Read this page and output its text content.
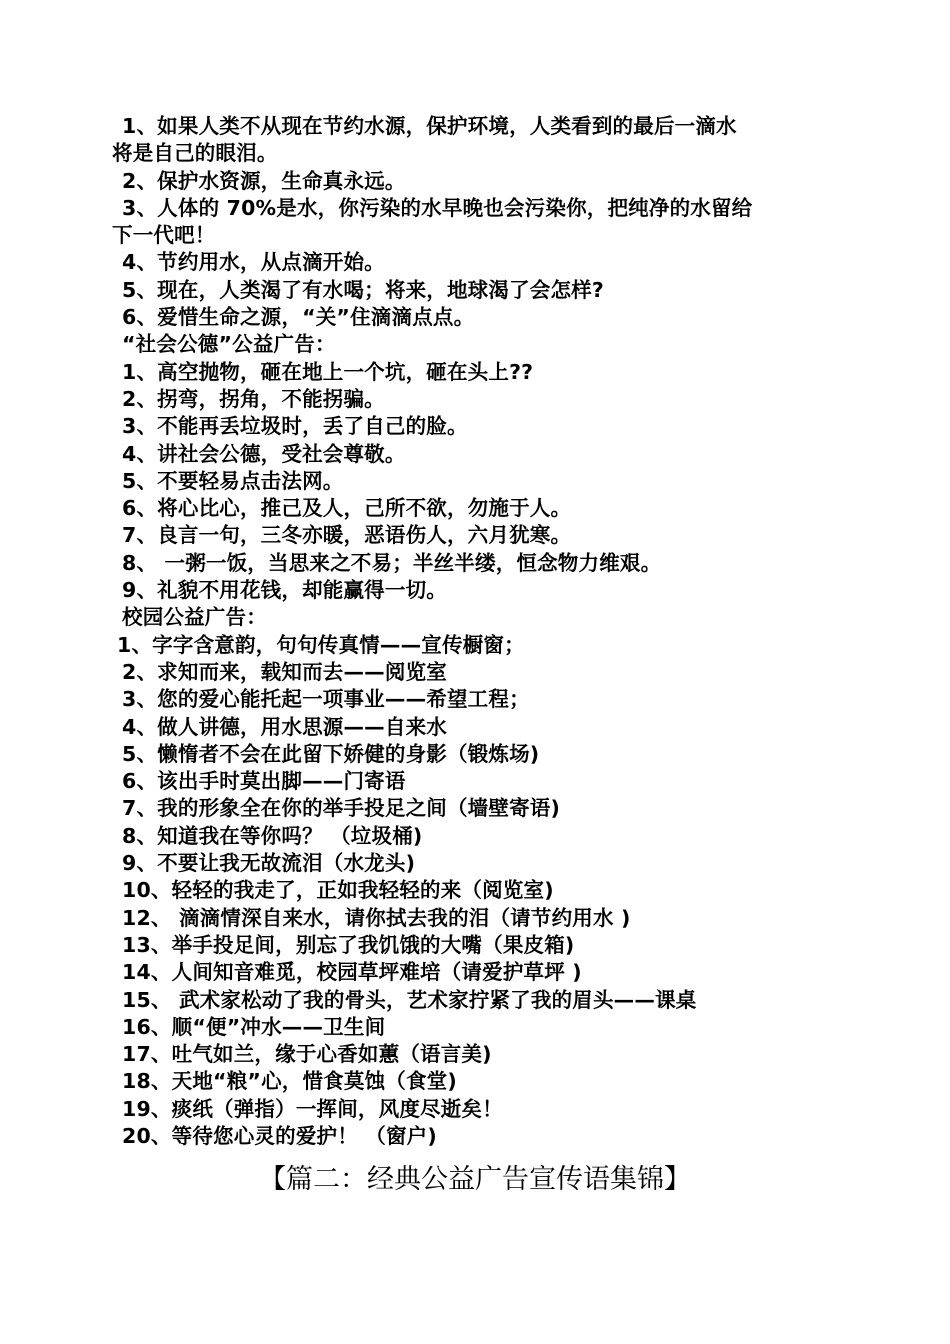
1、如果人类不从现在节约水源，保护环境，人类看到的最后一滴水
将是自己的眼泪。
2、保护水资源，生命真永远。
3、人体的 70%是水，你污染的水早晚也会污染你，把纯净的水留给
下一代吧！
4、节约用水，从点滴开始。
5、现在，人类渴了有水喝；将来，地球渴了会怎样?
6、爱惜生命之源，“关”住滴滴点点。
“社会公德”公益广告：
1、高空抛物，砸在地上一个坑，砸在头上??
2、拐弯，拐角，不能拐骗。
3、不能再丢垃圾时，丢了自己的脸。
4、讲社会公德，受社会尊敬。
5、不要轻易点击法网。
6、将心比心，推己及人，己所不欲，勿施于人。
7、良言一句，三冬亦暖，恶语伤人，六月犹寒。
8、 一粥一饭，当思来之不易；半丝半缕，恒念物力维艰。
9、礼貌不用花钱，却能赢得一切。
校园公益广告：
1、字字含意韵，句句传真情——宣传橱窗；
2、求知而来，载知而去——阅览室
3、您的爱心能托起一项事业——希望工程；
4、做人讲德，用水思源——自来水
5、懒惰者不会在此留下娇健的身影（锻炼场)
6、该出手时莫出脚——门寄语
7、我的形象全在你的举手投足之间（墙壁寄语)
8、知道我在等你吗？ （垃圾桶)
9、不要让我无故流泪（水龙头)
10、轻轻的我走了，正如我轻轻的来（阅览室)
12、 滴滴情深自来水，请你拭去我的泪（请节约用水 )
13、举手投足间，别忘了我饥饿的大嘴（果皮箱)
14、人间知音难觅，校园草坪难培（请爱护草坪 )
15、 武术家松动了我的骨头，艺术家拧紧了我的眉头——课桌
16、顺“便”冲水——卫生间
17、吐气如兰，缘于心香如蕙（语言美)
18、天地“粮”心，惜食莫蚀（食堂)
19、痰纸（弹指）一挥间，风度尽逝矣！
20、等待您心灵的爱护！ （窗户)
【篇二：经典公益广告宣传语集锦】
